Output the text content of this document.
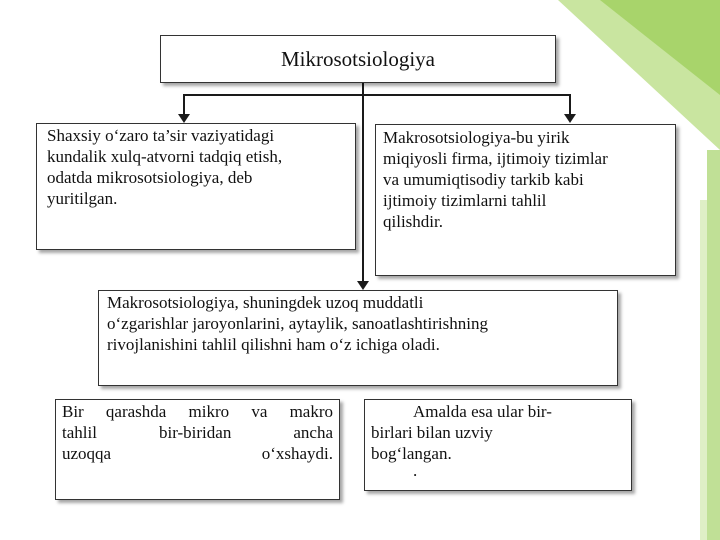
Mikrosotsiologiya

Shaxsiy o‘zaro ta’sir vaziyatidagi
kundalik xulq-atvorni tadqiq etish,
odatda mikrosotsiologiya, deb
yuritilgan.

Makrosotsiologiya-bu yirik
miqiyosli firma, ijtimoiy tizimlar
va umumiqtisodiy tarkib kabi
ijtimoiy tizimlarni tahlil
qilishdir.

Makrosotsiologiya, shuningdek uzoq muddatli
o‘zgarishlar jaroyonlarini, aytaylik, sanoatlashtirishning
rivojlanishini tahlil qilishni ham o‘z ichiga oladi.

Bir qarashda mikro va makro
tahlil bir-biridan ancha
uzoqqa o‘xshaydi.

Amalda esa ular bir-
birlari bilan uzviy
bog‘langan.

.
